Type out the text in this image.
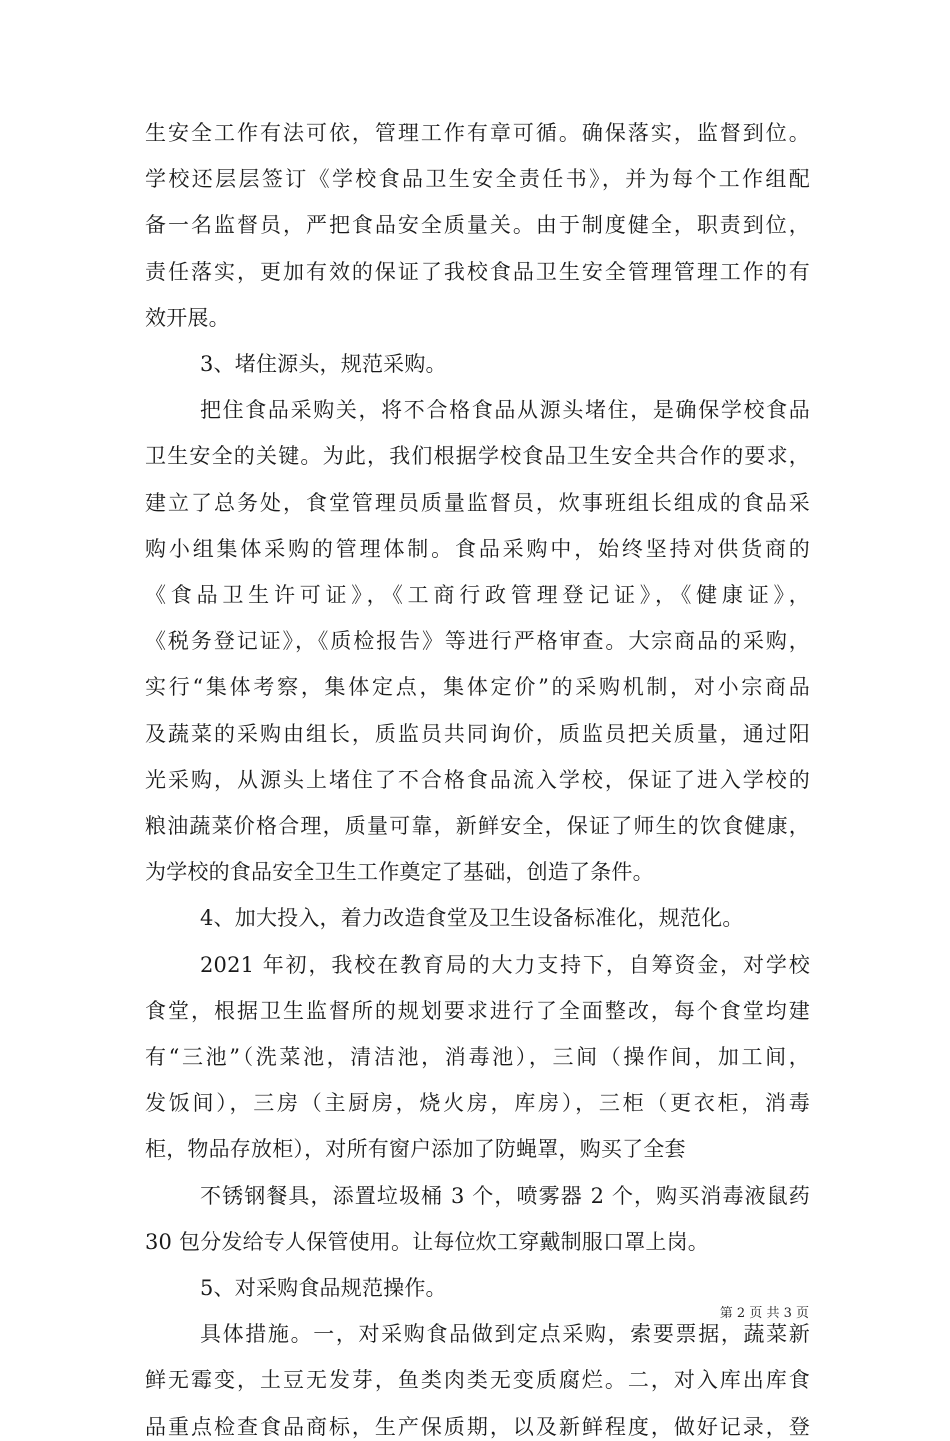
生安全工作有法可依，管理工作有章可循。确保落实，监督到位。
学校还层层签订《学校食品卫生安全责任书》，并为每个工作组配
备一名监督员，严把食品安全质量关。由于制度健全，职责到位，
责任落实，更加有效的保证了我校食品卫生安全管理管理工作的有
效开展。
3、堵住源头，规范采购。
把住食品采购关，将不合格食品从源头堵住，是确保学校食品
卫生安全的关键。为此，我们根据学校食品卫生安全共合作的要求，
建立了总务处，食堂管理员质量监督员，炊事班组长组成的食品采
购小组集体采购的管理体制。食品采购中，始终坚持对供货商的
《食品卫生许可证》，《工商行政管理登记证》，《健康证》，
《税务登记证》，《质检报告》等进行严格审查。大宗商品的采购，
实行“集体考察，集体定点，集体定价”的采购机制，对小宗商品
及蔬菜的采购由组长，质监员共同询价，质监员把关质量，通过阳
光采购，从源头上堵住了不合格食品流入学校，保证了进入学校的
粮油蔬菜价格合理，质量可靠，新鲜安全，保证了师生的饮食健康，
为学校的食品安全卫生工作奠定了基础，创造了条件。
4、加大投入，着力改造食堂及卫生设备标准化，规范化。
2021 年初，我校在教育局的大力支持下，自筹资金，对学校
食堂，根据卫生监督所的规划要求进行了全面整改，每个食堂均建
有“三池”（洗菜池，清洁池，消毒池），三间（操作间，加工间，
发饭间），三房（主厨房，烧火房，库房），三柜（更衣柜，消毒
柜，物品存放柜），对所有窗户添加了防蝇罩，购买了全套
不锈钢餐具，添置垃圾桶 3 个，喷雾器 2 个，购买消毒液鼠药
30 包分发给专人保管使用。让每位炊工穿戴制服口罩上岗。
5、对采购食品规范操作。
具体措施。一，对采购食品做到定点采购，索要票据，蔬菜新
鲜无霉变，土豆无发芽，鱼类肉类无变质腐烂。二，对入库出库食
品重点检查食品商标，生产保质期，以及新鲜程度，做好记录，登
第 2 页 共 3 页
